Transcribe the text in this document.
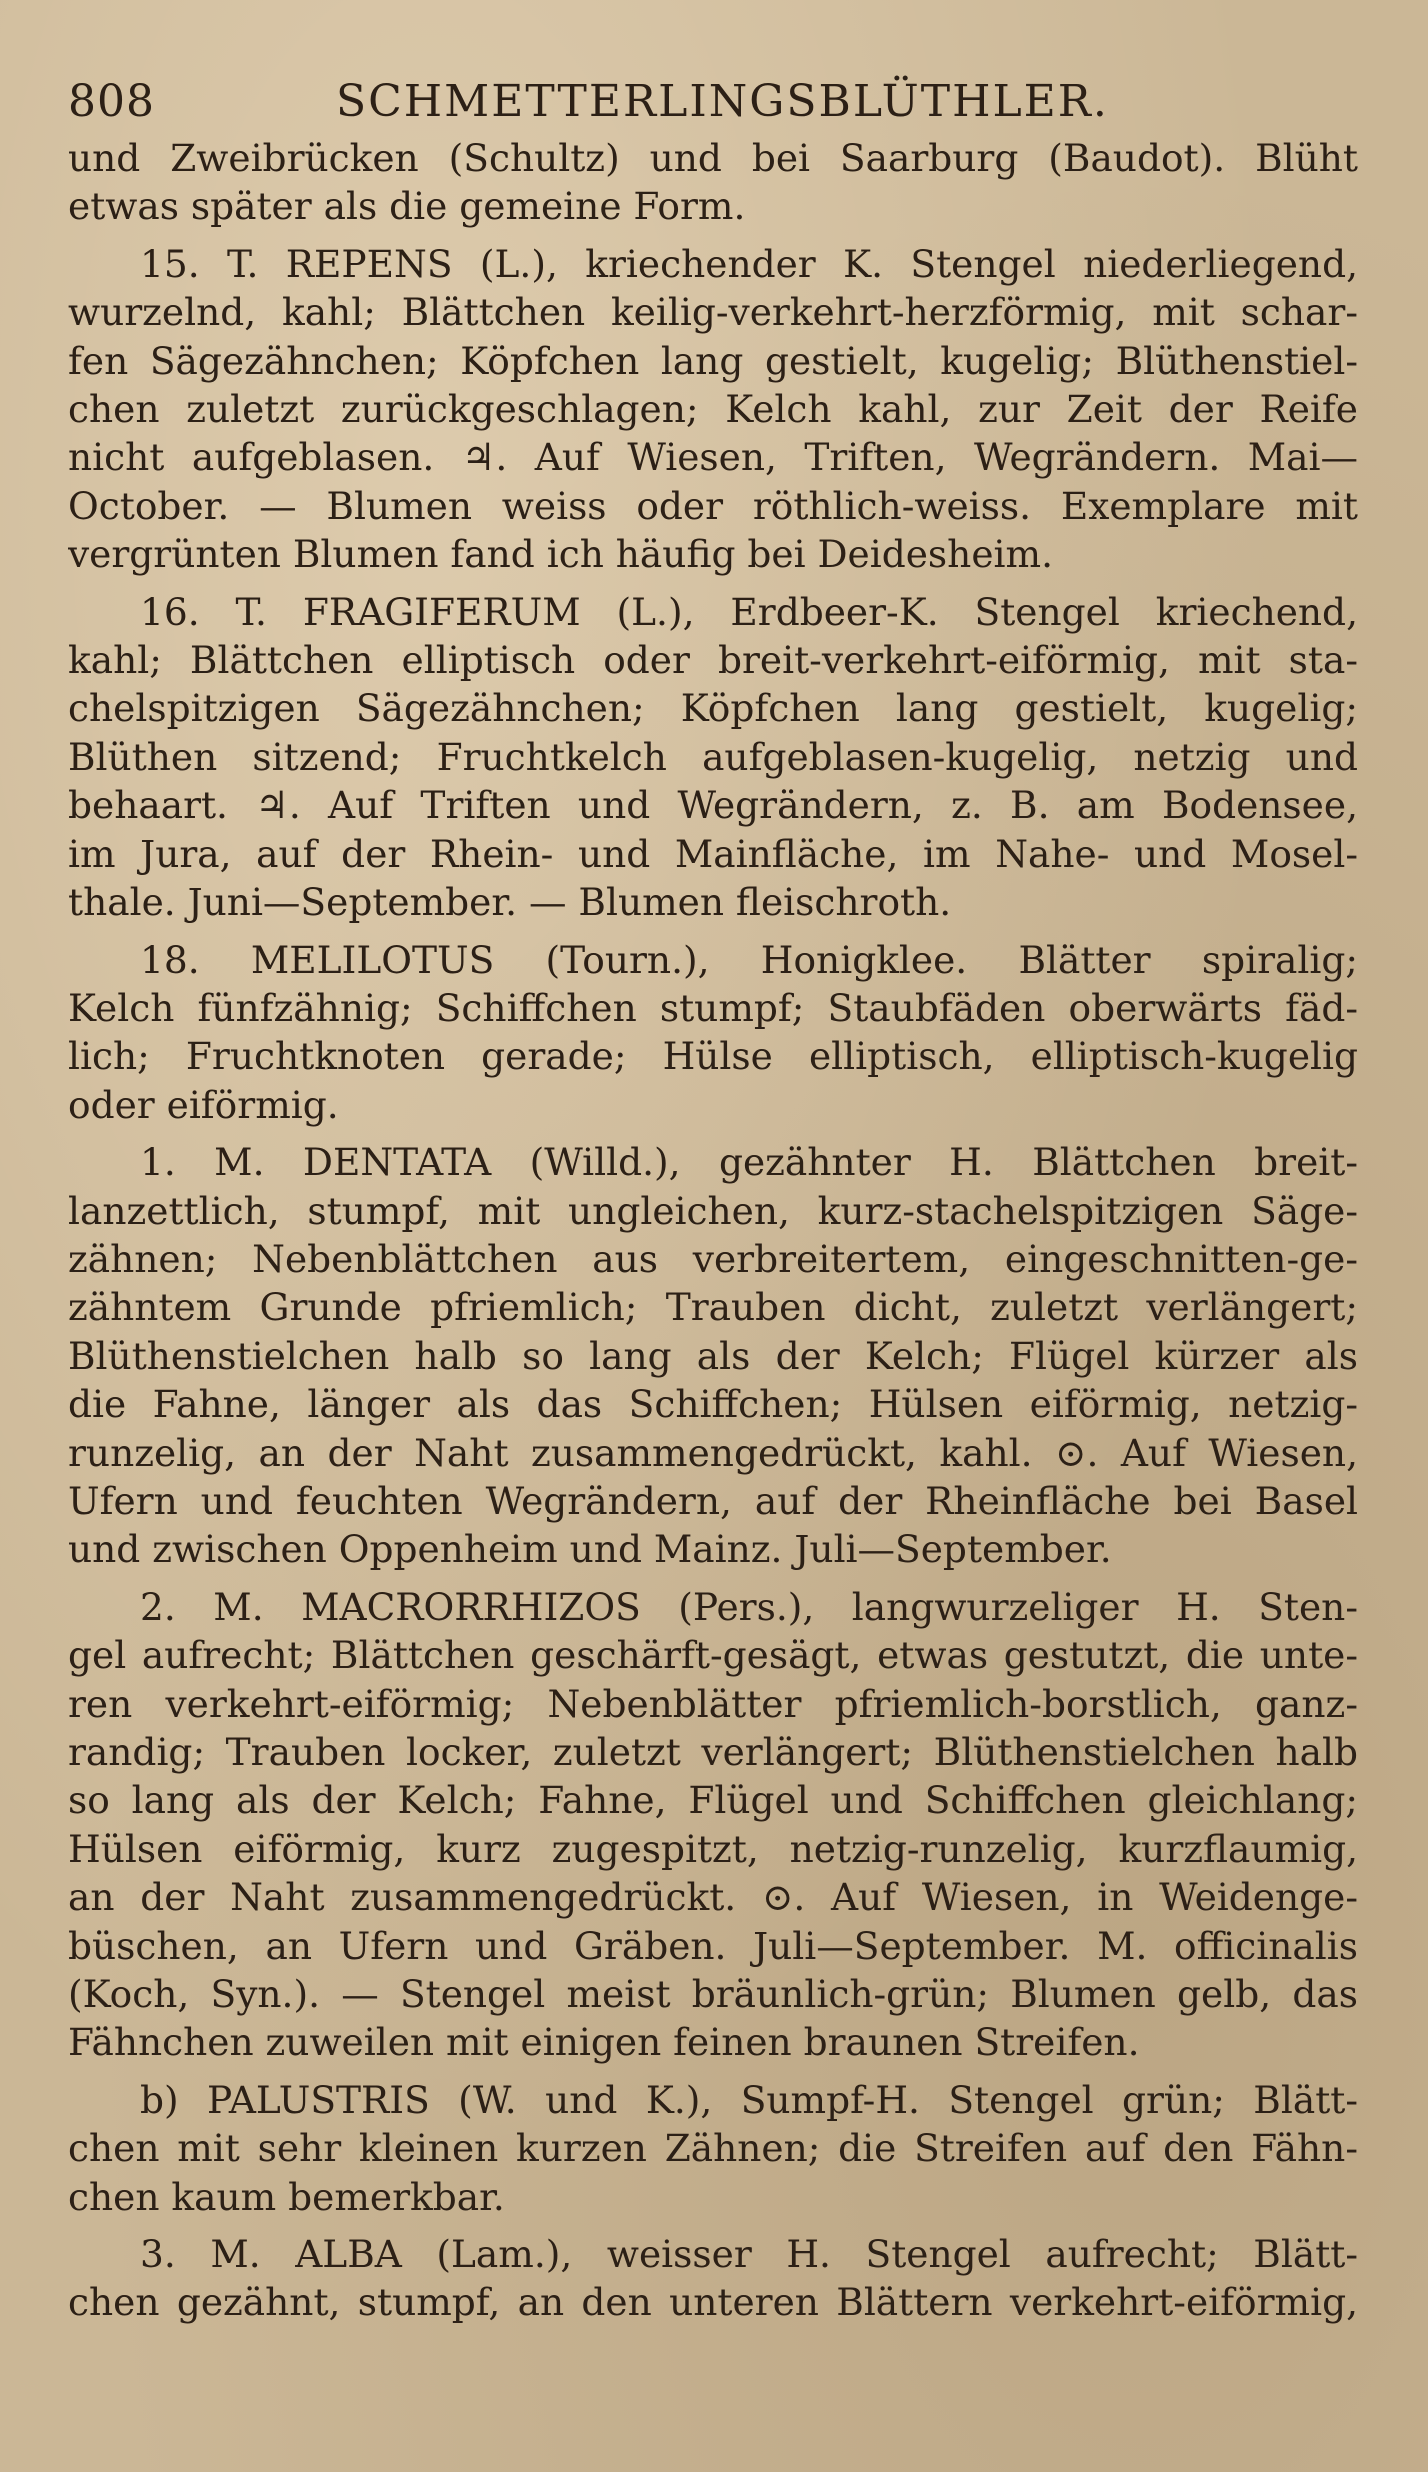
808	SCHMETTERLINGSBLÜTHLER.
und Zweibrücken (Schultz) und bei Saarburg (Baudot). Blüht
etwas später als die gemeine Form.
15. T. REPENS (L.), kriechender K. Stengel niederliegend,
wurzelnd, kahl; Blättchen keilig-verkehrt-herzförmig, mit schar-
fen Sägezähnchen; Köpfchen lang gestielt, kugelig; Blüthenstiel-
chen zuletzt zurückgeschlagen; Kelch kahl, zur Zeit der Reife
nicht aufgeblasen. ♃. Auf Wiesen, Triften, Wegrändern. Mai—
October. — Blumen weiss oder röthlich-weiss. Exemplare mit
vergrünten Blumen fand ich häufig bei Deidesheim.
16. T. FRAGIFERUM (L.), Erdbeer-K. Stengel kriechend,
kahl; Blättchen elliptisch oder breit-verkehrt-eiförmig, mit sta-
chelspitzigen Sägezähnchen; Köpfchen lang gestielt, kugelig;
Blüthen sitzend; Fruchtkelch aufgeblasen-kugelig, netzig und
behaart. ♃. Auf Triften und Wegrändern, z. B. am Bodensee,
im Jura, auf der Rhein- und Mainfläche, im Nahe- und Mosel-
thale. Juni—September. — Blumen fleischroth.
18. MELILOTUS (Tourn.), Honigklee. Blätter spiralig;
Kelch fünfzähnig; Schiffchen stumpf; Staubfäden oberwärts fäd-
lich; Fruchtknoten gerade; Hülse elliptisch, elliptisch-kugelig
oder eiförmig.
1. M. DENTATA (Willd.), gezähnter H. Blättchen breit-
lanzettlich, stumpf, mit ungleichen, kurz-stachelspitzigen Säge-
zähnen; Nebenblättchen aus verbreitertem, eingeschnitten-ge-
zähntem Grunde pfriemlich; Trauben dicht, zuletzt verlängert;
Blüthenstielchen halb so lang als der Kelch; Flügel kürzer als
die Fahne, länger als das Schiffchen; Hülsen eiförmig, netzig-
runzelig, an der Naht zusammengedrückt, kahl. ⊙. Auf Wiesen,
Ufern und feuchten Wegrändern, auf der Rheinfläche bei Basel
und zwischen Oppenheim und Mainz. Juli—September.
2. M. MACRORRHIZOS (Pers.), langwurzeliger H. Sten-
gel aufrecht; Blättchen geschärft-gesägt, etwas gestutzt, die unte-
ren verkehrt-eiförmig; Nebenblätter pfriemlich-borstlich, ganz-
randig; Trauben locker, zuletzt verlängert; Blüthenstielchen halb
so lang als der Kelch; Fahne, Flügel und Schiffchen gleichlang;
Hülsen eiförmig, kurz zugespitzt, netzig-runzelig, kurzflaumig,
an der Naht zusammengedrückt. ⊙. Auf Wiesen, in Weidenge-
büschen, an Ufern und Gräben. Juli—September. M. officinalis
(Koch, Syn.). — Stengel meist bräunlich-grün; Blumen gelb, das
Fähnchen zuweilen mit einigen feinen braunen Streifen.
b) PALUSTRIS (W. und K.), Sumpf-H. Stengel grün; Blätt-
chen mit sehr kleinen kurzen Zähnen; die Streifen auf den Fähn-
chen kaum bemerkbar.
3. M. ALBA (Lam.), weisser H. Stengel aufrecht; Blätt-
chen gezähnt, stumpf, an den unteren Blättern verkehrt-eiförmig,
